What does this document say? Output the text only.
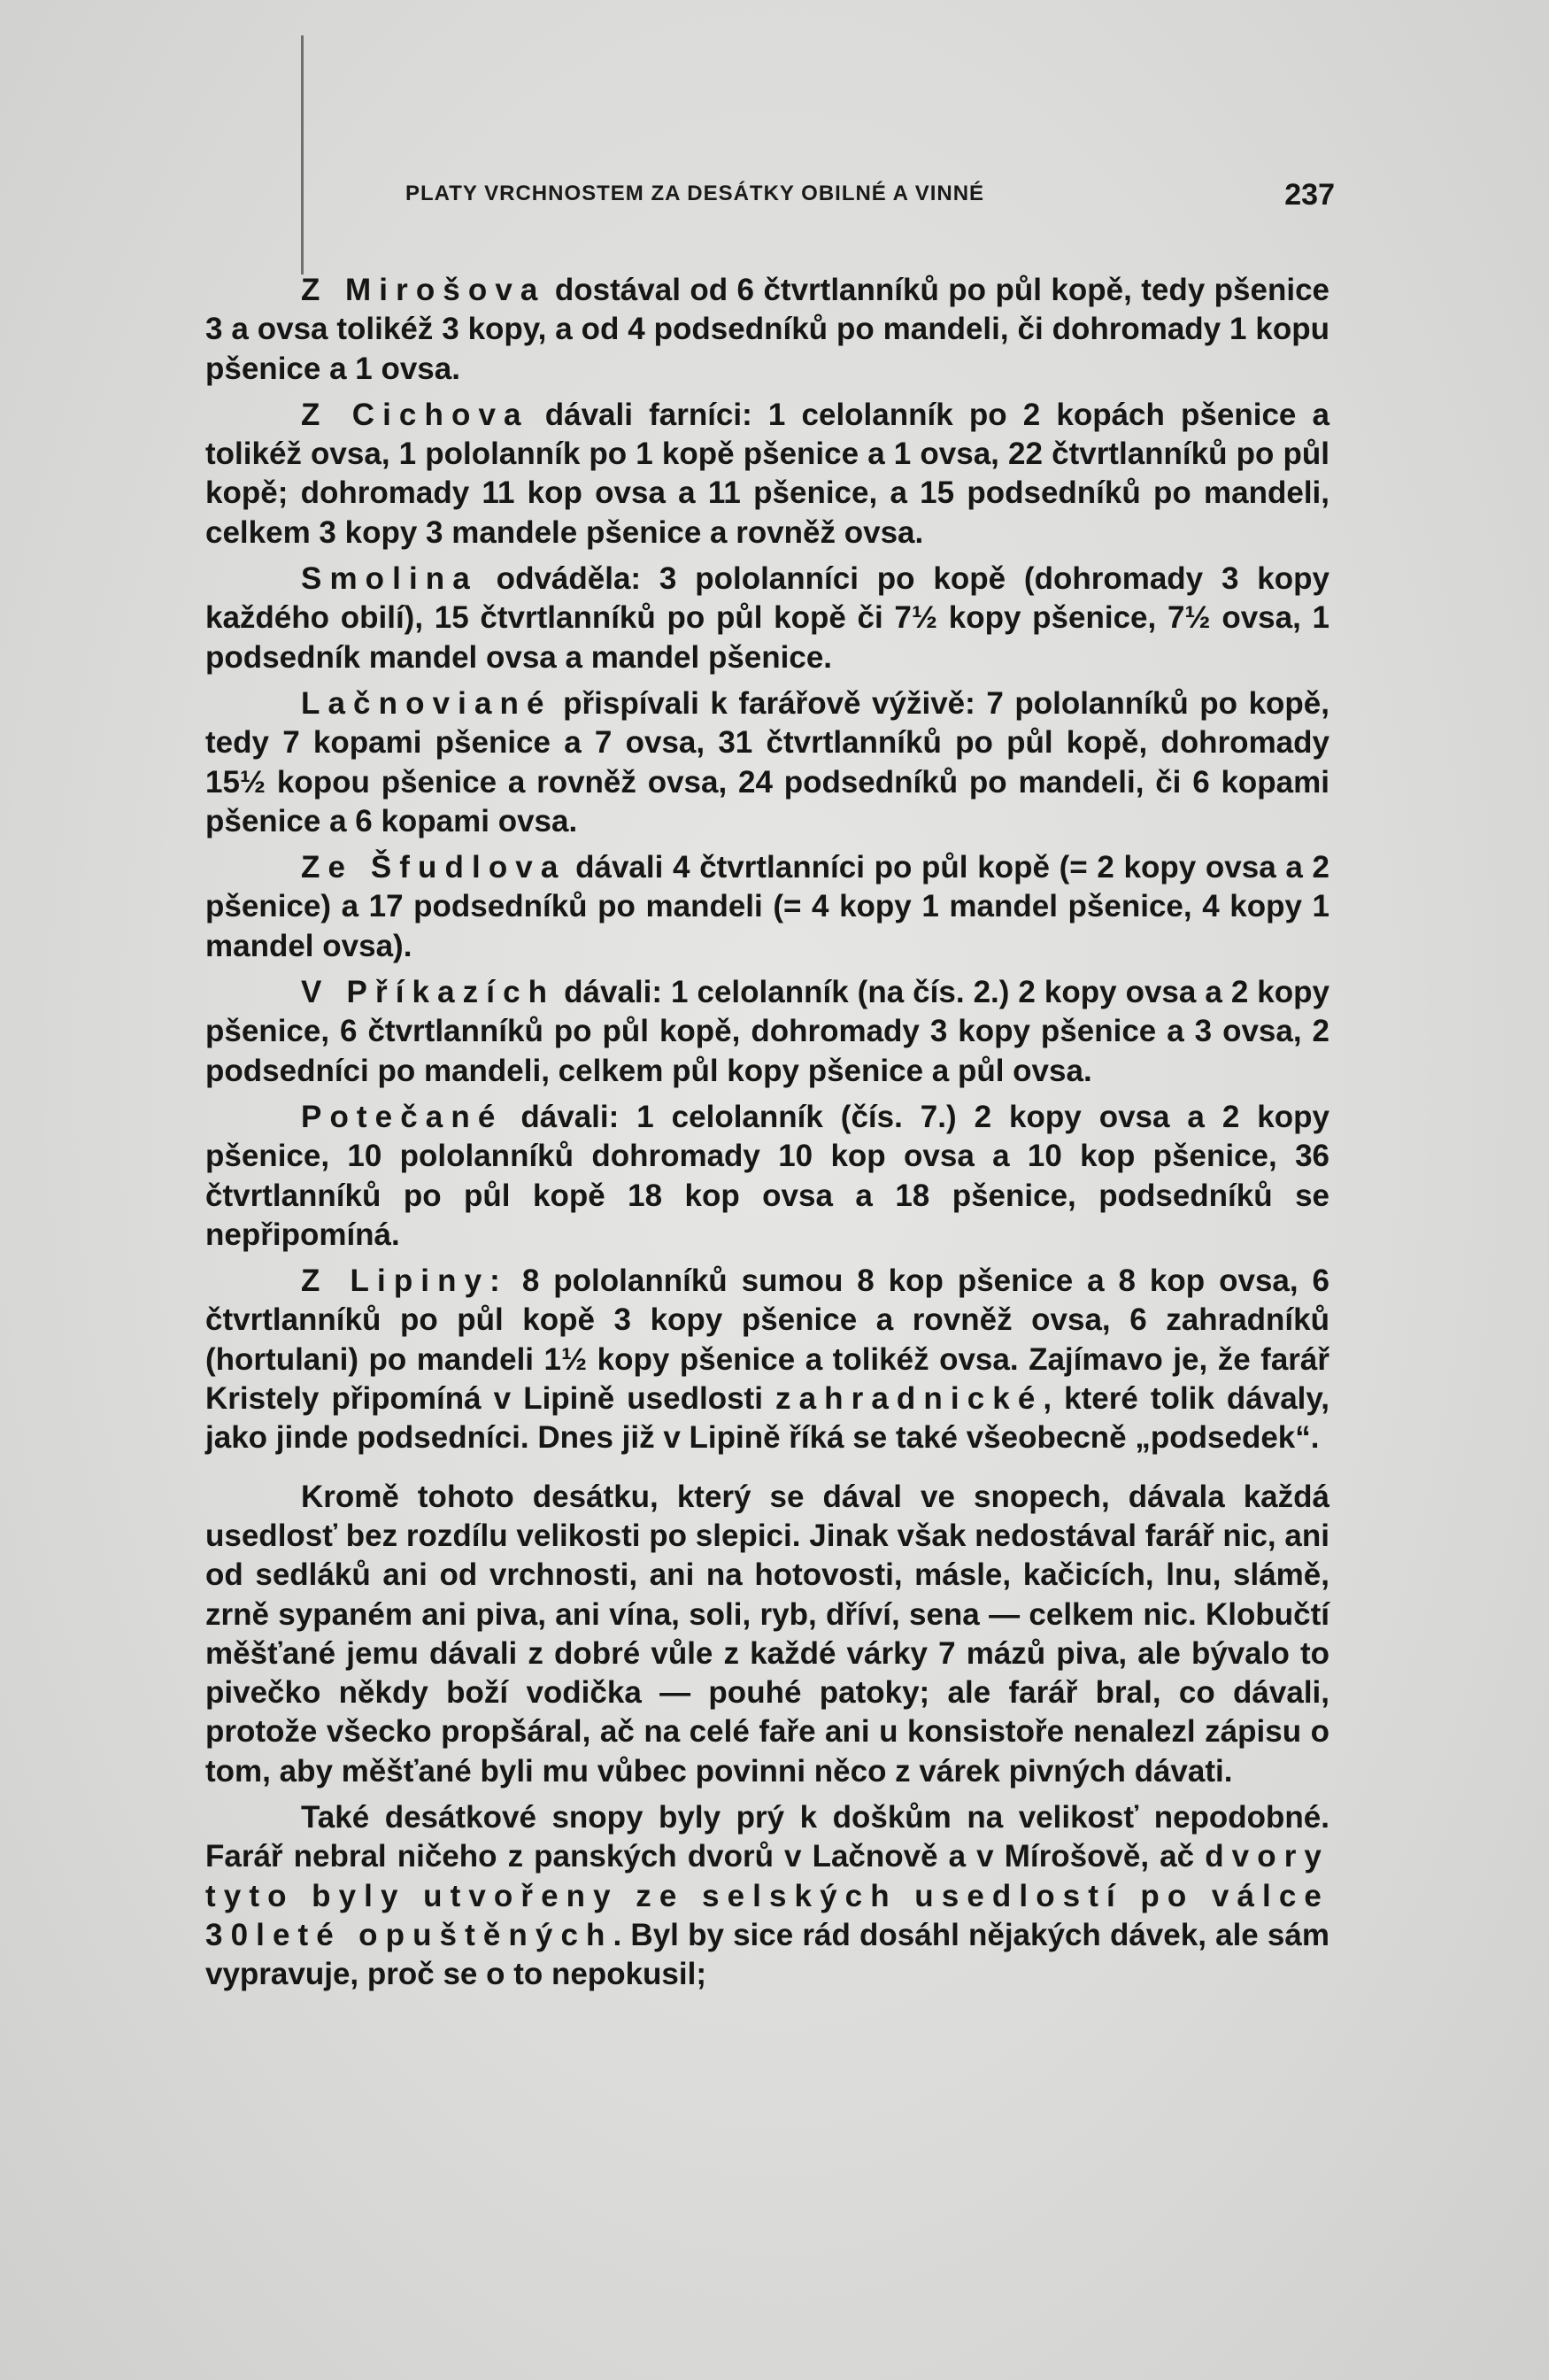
PLATY VRCHNOSTEM ZA DESÁTKY OBILNÉ A VINNÉ	237

Z Mirošova dostával od 6 čtvrtlanníků po půl kopě, tedy pšenice 3 a ovsa tolikéž 3 kopy, a od 4 podsedníků po mandeli, či dohromady 1 kopu pšenice a 1 ovsa.

Z Cichova dávali farníci: 1 celolanník po 2 kopách pšenice a tolikéž ovsa, 1 pololanník po 1 kopě pšenice a 1 ovsa, 22 čtvrtlanníků po půl kopě; dohromady 11 kop ovsa a 11 pšenice, a 15 podsedníků po mandeli, celkem 3 kopy 3 mandele pšenice a rovněž ovsa.

Smolina odváděla: 3 pololanníci po kopě (dohromady 3 kopy každého obilí), 15 čtvrtlanníků po půl kopě či 7½ kopy pšenice, 7½ ovsa, 1 podsedník mandel ovsa a mandel pšenice.

Lačnoviané přispívali k farářově výživě: 7 pololanníků po kopě, tedy 7 kopami pšenice a 7 ovsa, 31 čtvrtlanníků po půl kopě, dohromady 15½ kopou pšenice a rovněž ovsa, 24 podsedníků po mandeli, či 6 kopami pšenice a 6 kopami ovsa.

Ze Šfudlova dávali 4 čtvrtlanníci po půl kopě (= 2 kopy ovsa a 2 pšenice) a 17 podsedníků po mandeli (= 4 kopy 1 mandel pšenice, 4 kopy 1 mandel ovsa).

V Příkazích dávali: 1 celolanník (na čís. 2.) 2 kopy ovsa a 2 kopy pšenice, 6 čtvrtlanníků po půl kopě, dohromady 3 kopy pšenice a 3 ovsa, 2 podsedníci po mandeli, celkem půl kopy pšenice a půl ovsa.

Potečané dávali: 1 celolanník (čís. 7.) 2 kopy ovsa a 2 kopy pšenice, 10 pololanníků dohromady 10 kop ovsa a 10 kop pšenice, 36 čtvrtlanníků po půl kopě 18 kop ovsa a 18 pšenice, podsedníků se nepřipomíná.

Z Lipiny: 8 pololanníků sumou 8 kop pšenice a 8 kop ovsa, 6 čtvrtlanníků po půl kopě 3 kopy pšenice a rovněž ovsa, 6 zahradníků (hortulani) po mandeli 1½ kopy pšenice a tolikéž ovsa. Zajímavo je, že farář Kristely připomíná v Lipině usedlosti zahradnické, které tolik dávaly, jako jinde podsedníci. Dnes již v Lipině říká se také všeobecně „podsedek“.

Kromě tohoto desátku, který se dával ve snopech, dávala každá usedlosť bez rozdílu velikosti po slepici. Jinak však nedostával farář nic, ani od sedláků ani od vrchnosti, ani na hotovosti, másle, kačicích, lnu, slámě, zrně sypaném ani piva, ani vína, soli, ryb, dříví, sena — celkem nic. Klobučtí měšťané jemu dávali z dobré vůle z každé várky 7 mázů piva, ale bývalo to pivečko někdy boží vodička — pouhé patoky; ale farář bral, co dávali, protože všecko propšáral, ač na celé faře ani u konsistoře nenalezl zápisu o tom, aby měšťané byli mu vůbec povinni něco z várek pivných dávati.

Také desátkové snopy byly prý k doškům na velikosť nepodobné. Farář nebral ničeho z panských dvorů v Lačnově a v Mírošově, ač dvory tyto byly utvořeny ze selských usedlostí po válce 30leté opuštěných. Byl by sice rád dosáhl nějakých dávek, ale sám vypravuje, proč se o to nepokusil;
